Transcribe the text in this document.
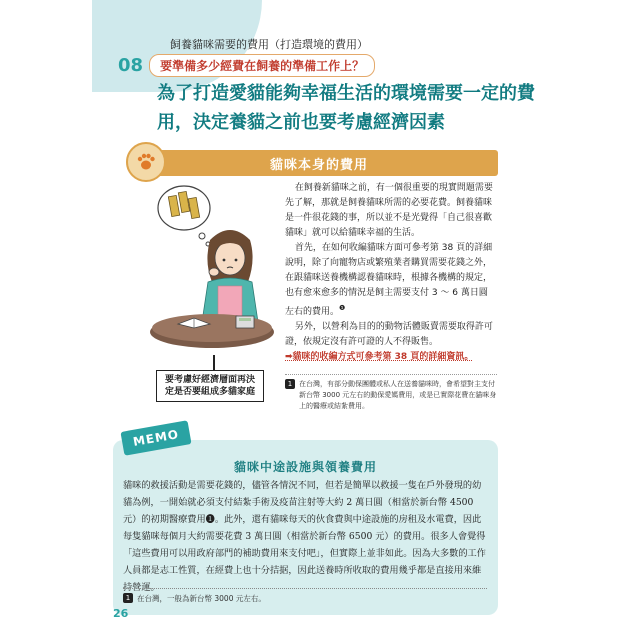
飼養貓咪需要的費用（打造環境的費用）
08	要準備多少經費在飼養的準備工作上？
為了打造愛貓能夠幸福生活的環境需要一定的費用，決定養貓之前也要考慮經濟因素
貓咪本身的費用
要考慮好經濟層面再決定是否要組成多貓家庭

在飼養新貓咪之前，有一個很重要的現實問題需要先了解，那就是飼養貓咪所需的必要花費。飼養貓咪是一件很花錢的事，所以並不是光覺得「自己很喜歡貓咪」就可以給貓咪幸福的生活。

首先，在如何收編貓咪方面可參考第 38 頁的詳細說明，除了向寵物店或繁殖業者購買需要花錢之外，在跟貓咪送養機構認養貓咪時，根據各機構的規定，也有愈來愈多的情況是飼主需要支付 3 ～ 6 萬日圓左右的費用。$^❶$

另外，以營利為目的的動物活體販賣需要取得許可證，依規定沒有許可證的人不得販售。

➡貓咪的收編方式可參考第 38 頁的詳細資訊。
1 在台灣，有部分動保團體或私人在送養貓咪時，會希望對主支付新台幣 3000 元左右的動保愛媽費用，或是已實際花費在貓咪身上的醫療或結紮費用。
MEMO
貓咪中途設施與領養費用
貓咪的救援活動是需要花錢的，儘管各情況不同，但若是簡單以救援一隻在戶外發現的幼貓為例，一開始就必須支付結紮手術及疫苗注射等大約 2 萬日圓（相當於新台幣 4500 元）的初期醫療費用❶。此外，還有貓咪每天的伙食費與中途設施的房租及水電費，因此每隻貓咪每個月大約需要花費 3 萬日圓（相當於新台幣 6500 元）的費用。很多人會覺得「這些費用可以用政府部門的補助費用來支付吧」，但實際上並非如此。因為大多數的工作人員都是志工性質，在經費上也十分拮据，因此送養時所收取的費用幾乎都是直接用來維持營運。
1 在台灣，一般為新台幣 3000 元左右。
26
